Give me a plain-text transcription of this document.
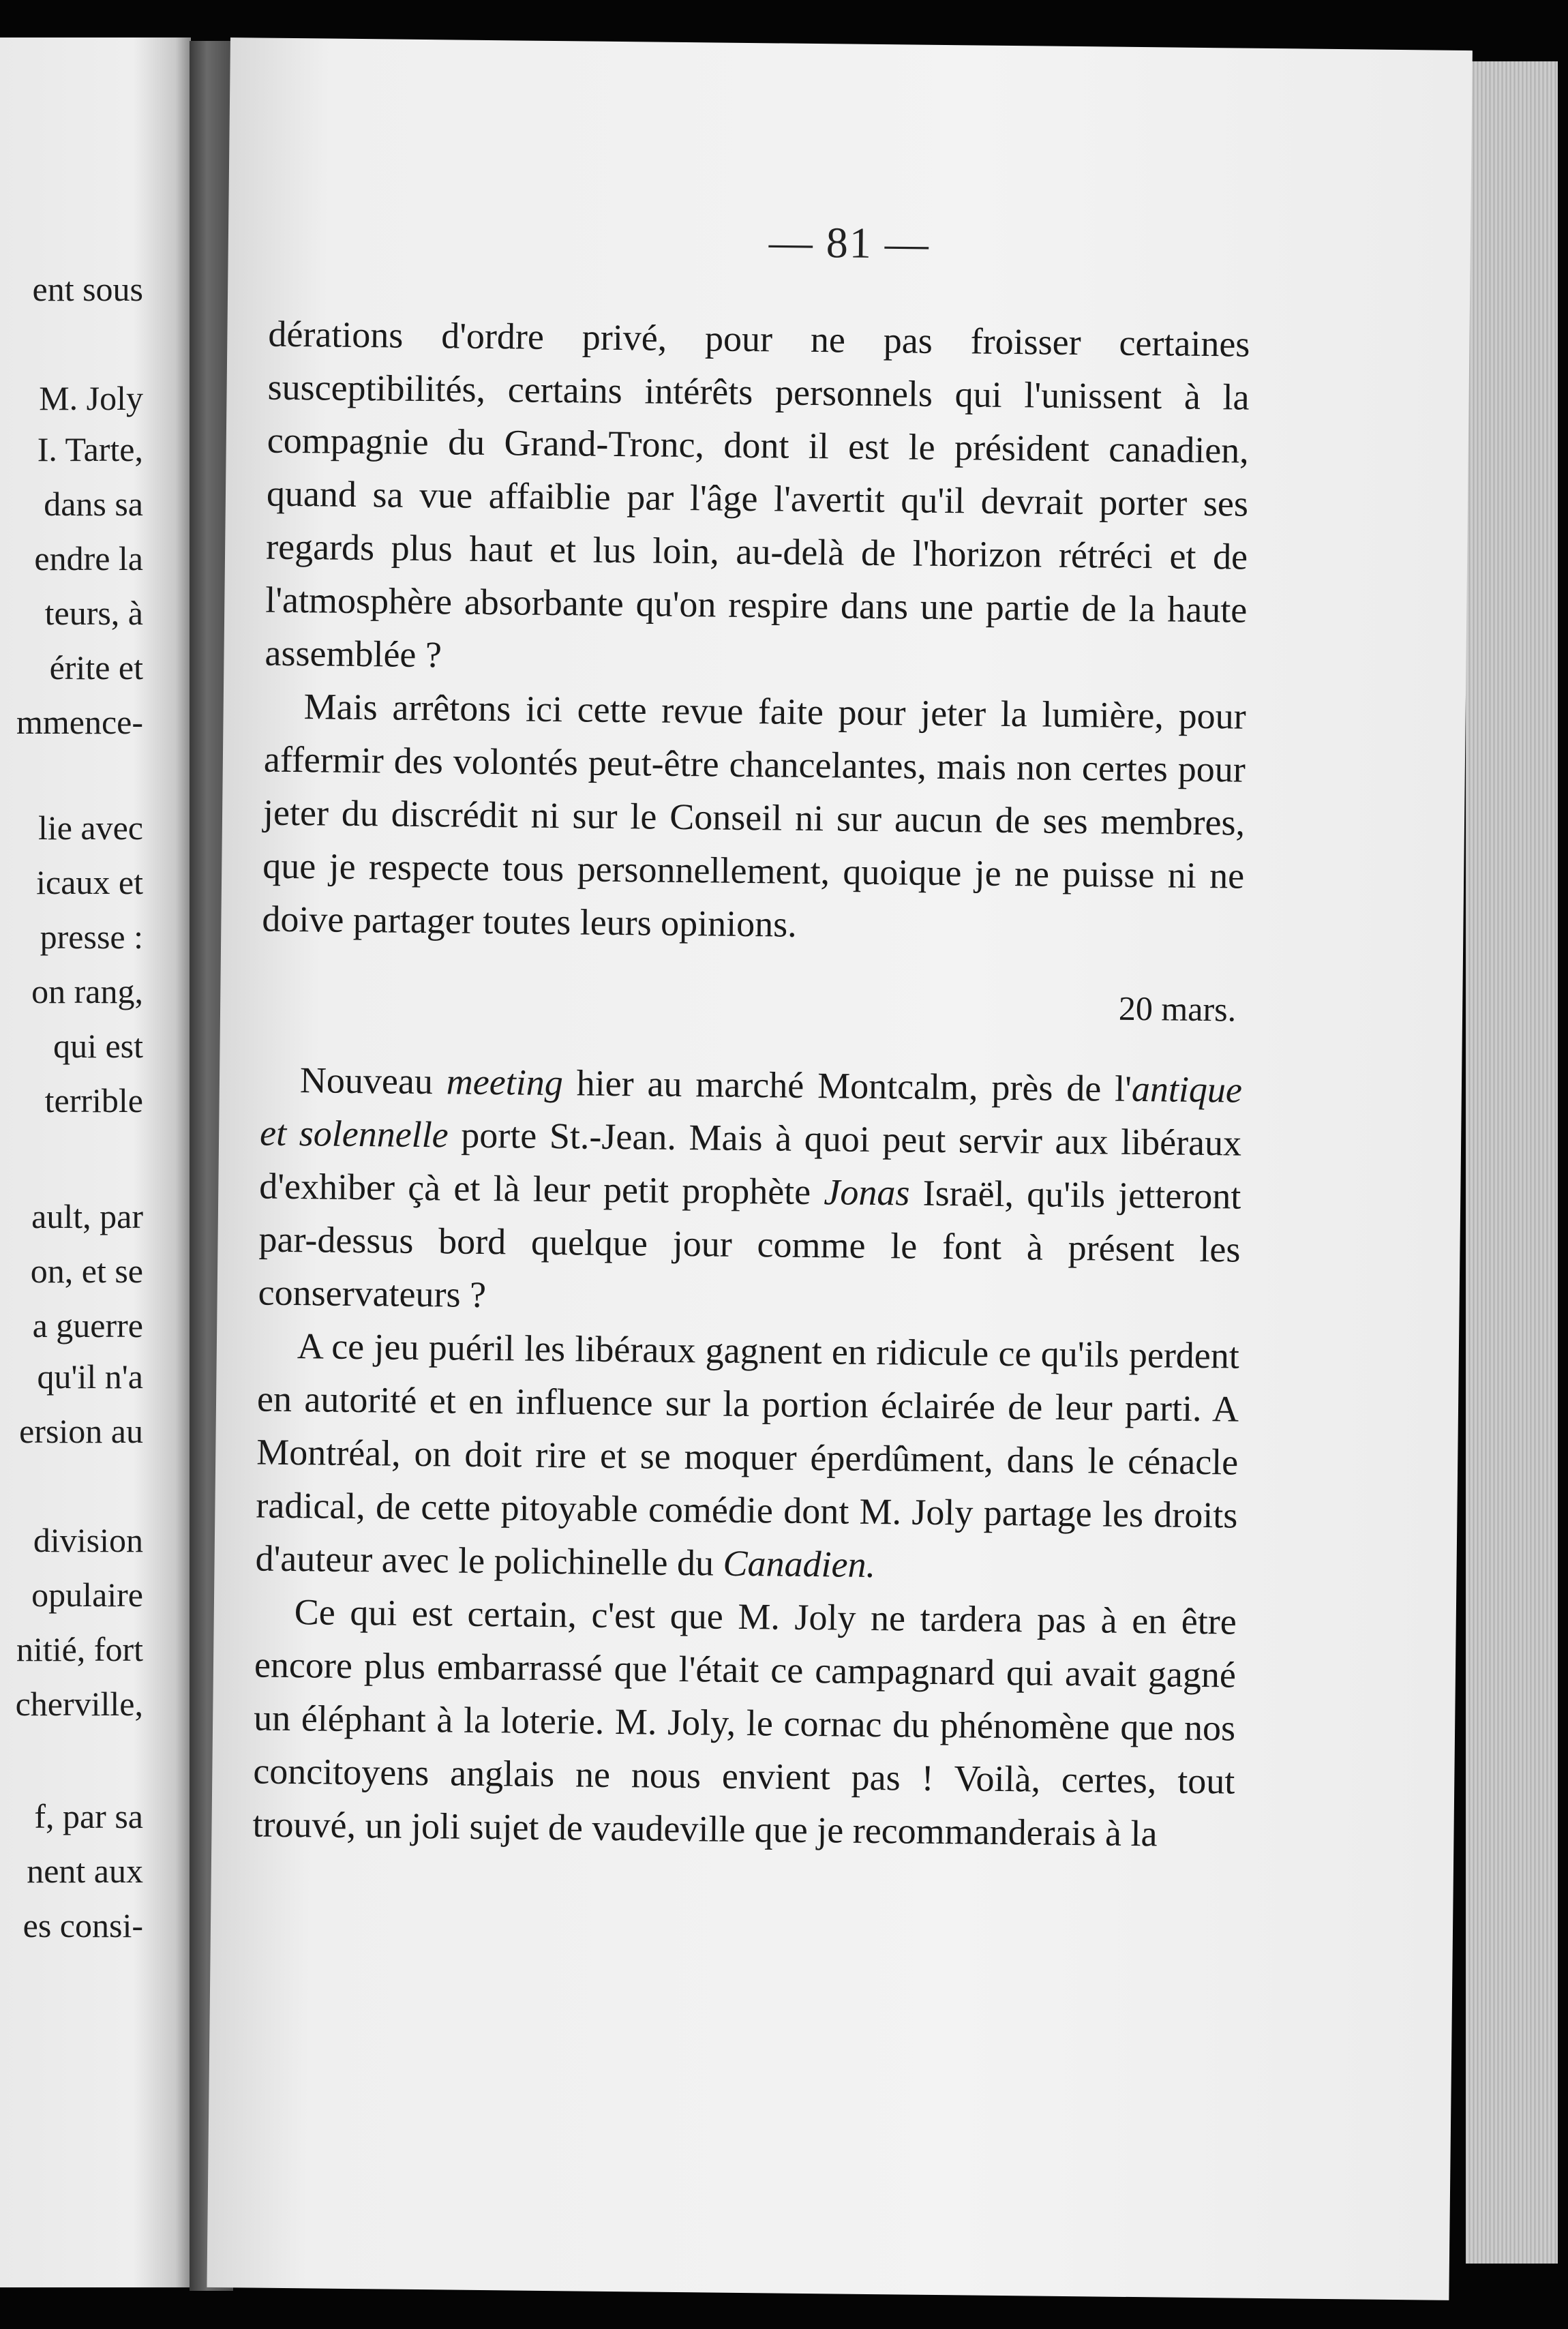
ent sous
M. Joly
I. Tarte,
dans sa
endre la
teurs, à
érite et
mmence-
lie avec
icaux et
presse :
on rang,
qui est
terrible
ault, par
on, et se
a guerre
qu'il n'a
ersion au
division
opulaire
nitié, fort
cherville,
f, par sa
nent aux
es consi-
— 81 —

dérations d'ordre privé, pour ne pas froisser certaines susceptibilités, certains intérêts personnels qui l'unissent à la compagnie du Grand-Tronc, dont il est le président canadien, quand sa vue affaiblie par l'âge l'avertit qu'il devrait porter ses regards plus haut et lus loin, au-delà de l'horizon rétréci et de l'atmosphère absorbante qu'on respire dans une partie de la haute assemblée ?

Mais arrêtons ici cette revue faite pour jeter la lumière, pour affermir des volontés peut-être chancelantes, mais non certes pour jeter du discrédit ni sur le Conseil ni sur aucun de ses membres, que je respecte tous personnellement, quoique je ne puisse ni ne doive partager toutes leurs opinions.

20 mars.

Nouveau meeting hier au marché Montcalm, près de l'antique et solennelle porte St.-Jean. Mais à quoi peut servir aux libéraux d'exhiber çà et là leur petit prophète Jonas Israël, qu'ils jetteront par-dessus bord quelque jour comme le font à présent les conservateurs ?

A ce jeu puéril les libéraux gagnent en ridicule ce qu'ils perdent en autorité et en influence sur la portion éclairée de leur parti. A Montréal, on doit rire et se moquer éperdûment, dans le cénacle radical, de cette pitoyable comédie dont M. Joly partage les droits d'auteur avec le polichinelle du Canadien.

Ce qui est certain, c'est que M. Joly ne tardera pas à en être encore plus embarrassé que l'était ce campagnard qui avait gagné un éléphant à la loterie. M. Joly, le cornac du phénomène que nos concitoyens anglais ne nous envient pas ! Voilà, certes, tout trouvé, un joli sujet de vaudeville que je recommanderais à la
